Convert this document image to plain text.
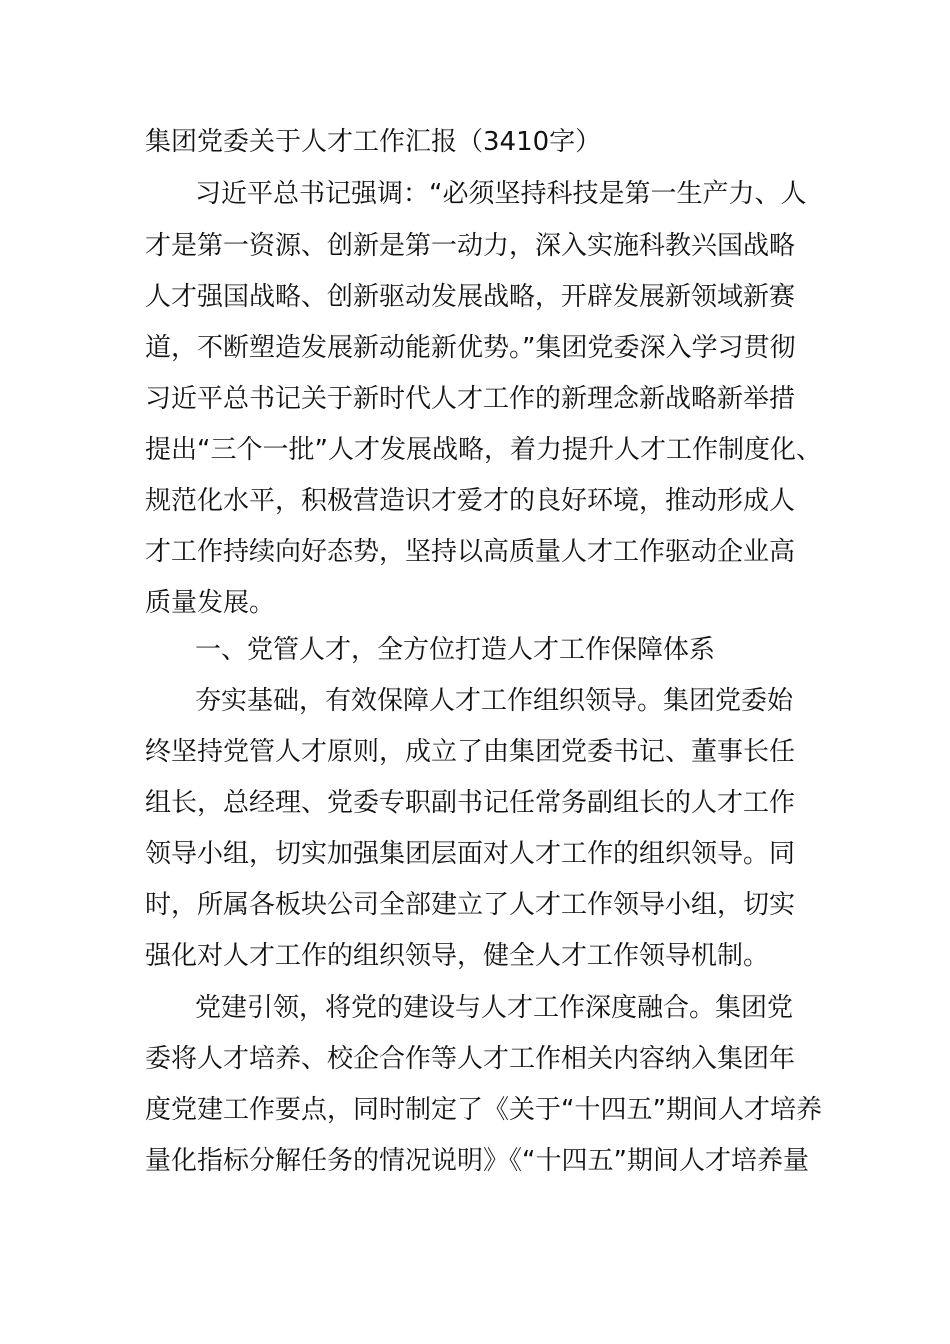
集团党委关于人才工作汇报（3410字）
习近平总书记强调：“必须坚持科技是第一生产力、人
才是第一资源、创新是第一动力，深入实施科教兴国战略
人才强国战略、创新驱动发展战略，开辟发展新领域新赛
道，不断塑造发展新动能新优势。”集团党委深入学习贯彻
习近平总书记关于新时代人才工作的新理念新战略新举措
提出“三个一批”人才发展战略，着力提升人才工作制度化、
规范化水平，积极营造识才爱才的良好环境，推动形成人
才工作持续向好态势，坚持以高质量人才工作驱动企业高
质量发展。
一、党管人才，全方位打造人才工作保障体系
夯实基础，有效保障人才工作组织领导。集团党委始
终坚持党管人才原则，成立了由集团党委书记、董事长任
组长，总经理、党委专职副书记任常务副组长的人才工作
领导小组，切实加强集团层面对人才工作的组织领导。同
时，所属各板块公司全部建立了人才工作领导小组，切实
强化对人才工作的组织领导，健全人才工作领导机制。
党建引领，将党的建设与人才工作深度融合。集团党
委将人才培养、校企合作等人才工作相关内容纳入集团年
度党建工作要点，同时制定了《关于“十四五”期间人才培养
量化指标分解任务的情况说明》《“十四五”期间人才培养量
